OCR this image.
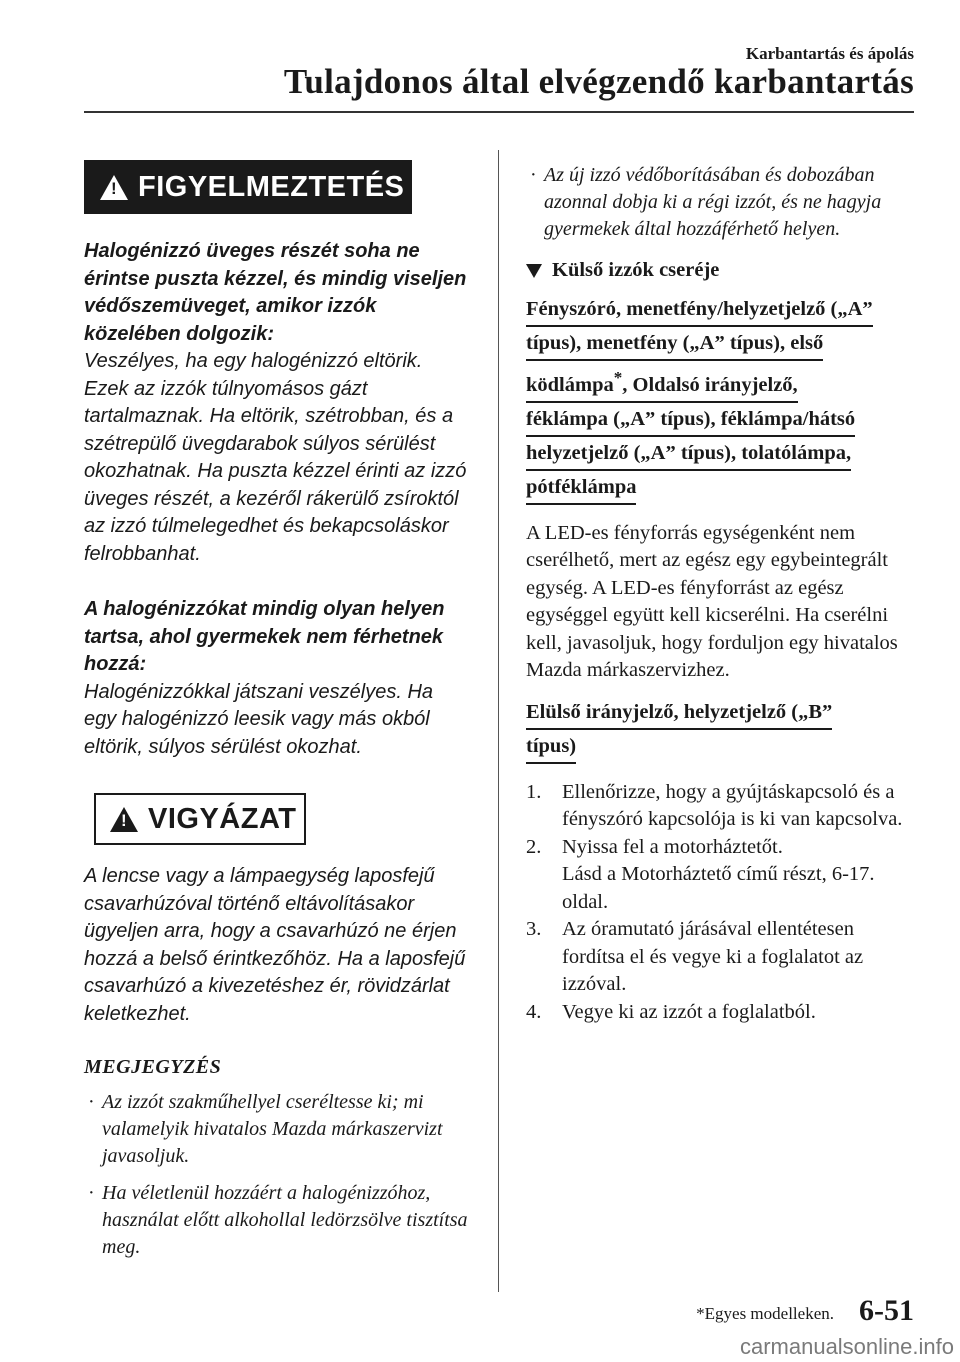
Karbantartás és ápolás
Tulajdonos által elvégzendő karbantartás
! FIGYELMEZTETÉS

Halogénizzó üveges részét soha ne érintse puszta kézzel, és mindig viseljen védőszemüveget, amikor izzók közelében dolgozik:

Veszélyes, ha egy halogénizzó eltörik. Ezek az izzók túlnyomásos gázt tartalmaznak. Ha eltörik, szétrobban, és a szétrepülő üvegdarabok súlyos sérülést okozhatnak. Ha puszta kézzel érinti az izzó üveges részét, a kezéről rákerülő zsíroktól az izzó túlmelegedhet és bekapcsoláskor felrobbanhat.

A halogénizzókat mindig olyan helyen tartsa, ahol gyermekek nem férhetnek hozzá:

Halogénizzókkal játszani veszélyes. Ha egy halogénizzó leesik vagy más okból eltörik, súlyos sérülést okozhat.

! VIGYÁZAT

A lencse vagy a lámpaegység laposfejű csavarhúzóval történő eltávolításakor ügyeljen arra, hogy a csavarhúzó ne érjen hozzá a belső érintkezőhöz. Ha a laposfejű csavarhúzó a kivezetéshez ér, rövidzárlat keletkezhet.

MEGJEGYZÉS
· Az izzót szakműhellyel cseréltesse ki; mi valamelyik hivatalos Mazda márkaszervizt javasoljuk.
· Ha véletlenül hozzáért a halogénizzóhoz, használat előtt alkohollal ledörzsölve tisztítsa meg.
· Az új izzó védőborításában és dobozában azonnal dobja ki a régi izzót, és ne hagyja gyermekek által hozzáférhető helyen.
Külső izzók cseréje
Fényszóró, menetfény/helyzetjelző („A”
típus), menetfény („A” típus), első
ködlámpa*, Oldalsó irányjelző,
féklámpa („A” típus), féklámpa/hátsó
helyzetjelző („A” típus), tolatólámpa,
pótféklámpa

A LED-es fényforrás egységenként nem cserélhető, mert az egész egy egybeintegrált egység. A LED-es fényforrást az egész egységgel együtt kell kicserélni. Ha cserélni kell, javasoljuk, hogy forduljon egy hivatalos Mazda márkaszervizhez.

Elülső irányjelző, helyzetjelző („B”
típus)
1.	Ellenőrizze, hogy a gyújtáskapcsoló és a fényszóró kapcsolója is ki van kapcsolva.
2.	Nyissa fel a motorháztetőt.
Lásd a Motorháztető című részt, 6-17. oldal.
3.	Az óramutató járásával ellentétesen fordítsa el és vegye ki a foglalatot az izzóval.
4.	Vegye ki az izzót a foglalatból.
*Egyes modelleken. 6-51
carmanualsonline.info
